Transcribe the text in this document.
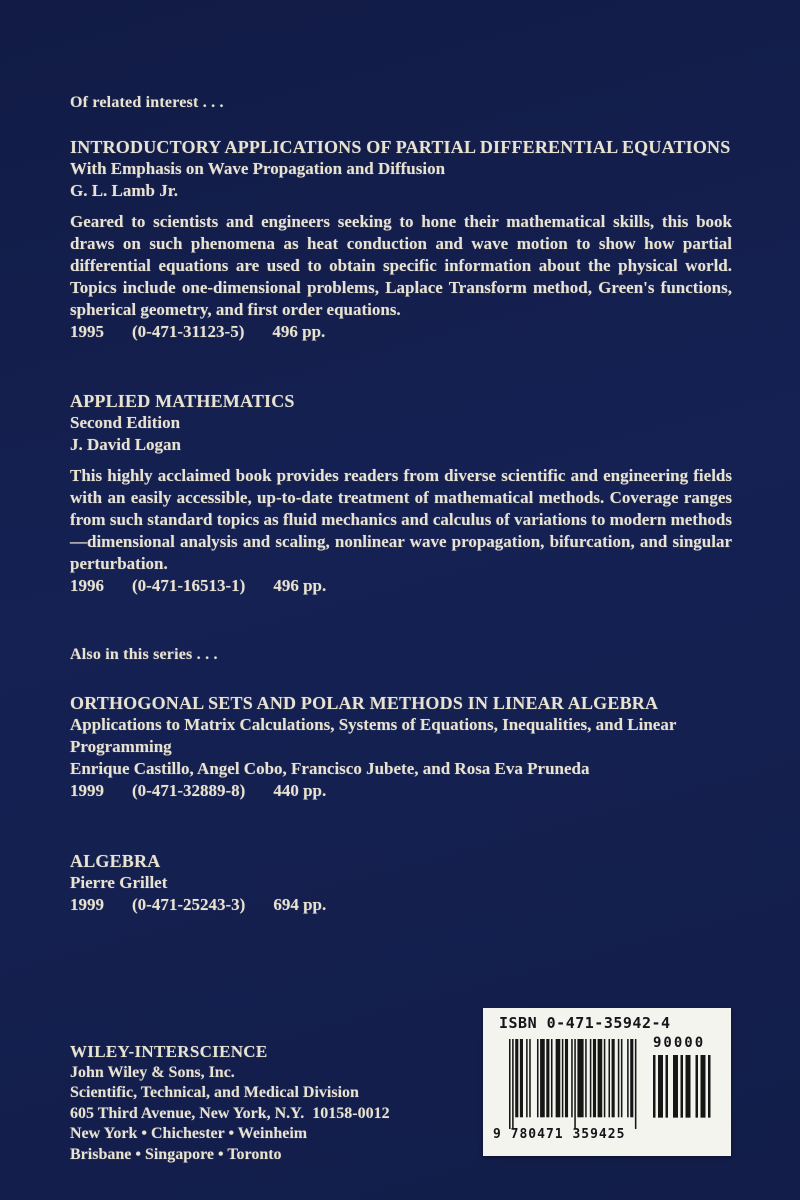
Of related interest . . .
INTRODUCTORY APPLICATIONS OF PARTIAL DIFFERENTIAL EQUATIONS
With Emphasis on Wave Propagation and Diffusion
G. L. Lamb Jr.

Geared to scientists and engineers seeking to hone their mathematical skills, this book draws on such phenomena as heat conduction and wave motion to show how partial differential equations are used to obtain specific information about the physical world. Topics include one-dimensional problems, Laplace Transform method, Green's functions, spherical geometry, and first order equations.

1995 (0-471-31123-5) 496 pp.
APPLIED MATHEMATICS
Second Edition
J. David Logan

This highly acclaimed book provides readers from diverse scientific and engineering fields with an easily accessible, up-to-date treatment of mathematical methods. Coverage ranges from such standard topics as fluid mechanics and calculus of variations to modern methods—dimensional analysis and scaling, nonlinear wave propagation, bifurcation, and singular perturbation.

1996 (0-471-16513-1) 496 pp.
Also in this series . . .
ORTHOGONAL SETS AND POLAR METHODS IN LINEAR ALGEBRA
Applications to Matrix Calculations, Systems of Equations, Inequalities, and Linear Programming
Enrique Castillo, Angel Cobo, Francisco Jubete, and Rosa Eva Pruneda
1999 (0-471-32889-8) 440 pp.
ALGEBRA
Pierre Grillet
1999 (0-471-25243-3) 694 pp.
WILEY-INTERSCIENCE
John Wiley & Sons, Inc.
Scientific, Technical, and Medical Division
605 Third Avenue, New York, N.Y.  10158-0012
New York • Chichester • Weinheim
Brisbane • Singapore • Toronto
ISBN 0-471-35942-4
90000
9 780471 359425
